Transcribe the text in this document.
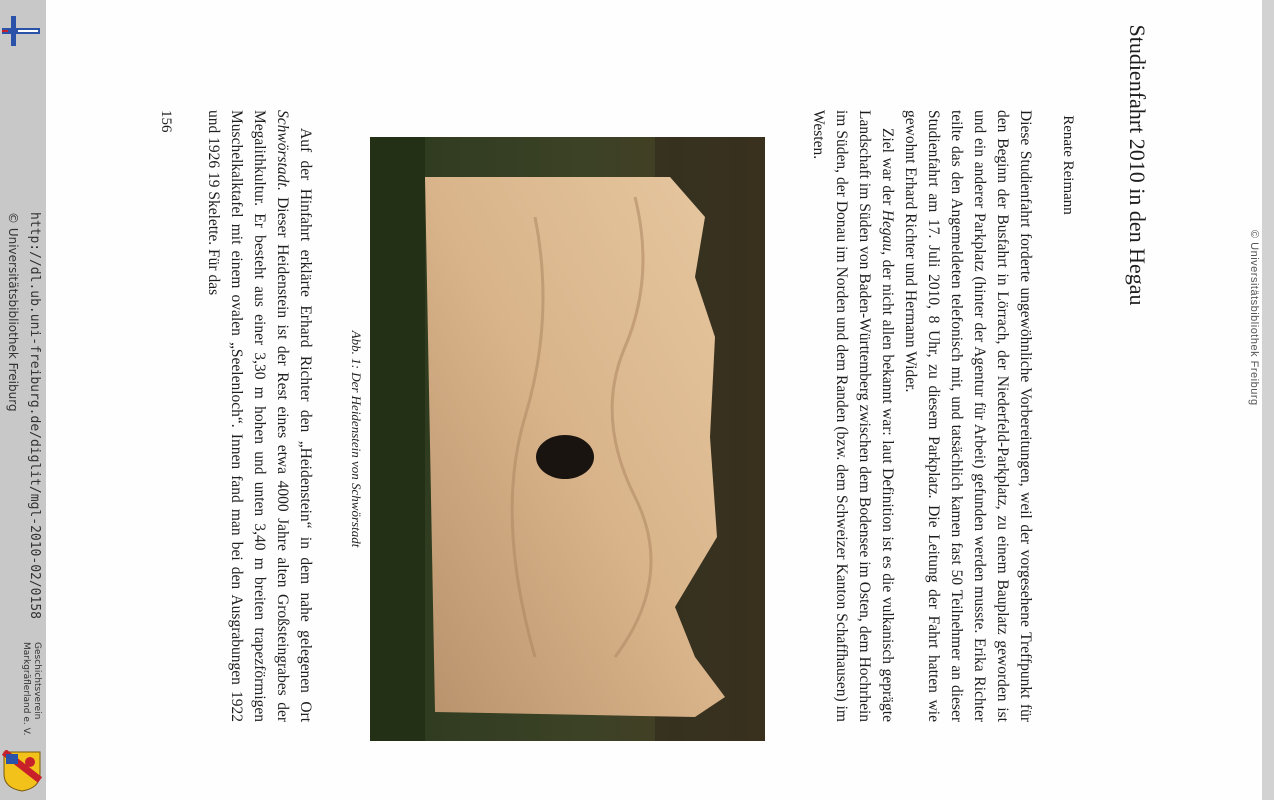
http://dl.ub.uni-freiburg.de/diglit/mgl-2010-02/0158
© Universitätsbibliothek Freiburg
Geschichtsverein
Markgräflerland e. V.
© Universitätsbibliothek Freiburg
Studienfahrt 2010 in den Hegau
Renate Reimann

Diese Studienfahrt forderte ungewöhnliche Vorbereitungen, weil der vorgesehene Treffpunkt für den Beginn der Busfahrt in Lörrach, der Niederfeld-Parkplatz, zu einem Bauplatz geworden ist und ein anderer Parkplatz (hinter der Agentur für Arbeit) gefunden werden musste. Erika Richter teilte das den Angemeldeten telefonisch mit, und tatsächlich kamen fast 50 Teilnehmer an dieser Studienfahrt am 17. Juli 2010, 8 Uhr, zu diesem Parkplatz. Die Leitung der Fahrt hatten wie gewohnt Erhard Richter und Hermann Wider.

Ziel war der Hegau, der nicht allen bekannt war: laut Definition ist es die vulkanisch geprägte Landschaft im Süden von Baden-Württemberg zwischen dem Bodensee im Osten, dem Hochrhein im Süden, der Donau im Norden und dem Randen (bzw. dem Schweizer Kanton Schaffhausen) im Westen.

Abb. 1: Der Heidenstein von Schwörstadt
Auf der Hinfahrt erklärte Erhard Richter den „Heidenstein“ in dem nahe gelegenen Ort Schwörstadt. Dieser Heidenstein ist der Rest eines etwa 4000 Jahre alten Großsteingrabes der Megalithkultur. Er besteht aus einer 3,30 m hohen und unten 3,40 m breiten trapezförmigen Muschelkalktafel mit einem ovalen „Seelenloch“. Innen fand man bei den Ausgrabungen 1922 und 1926 19 Skelette. Für das
156
